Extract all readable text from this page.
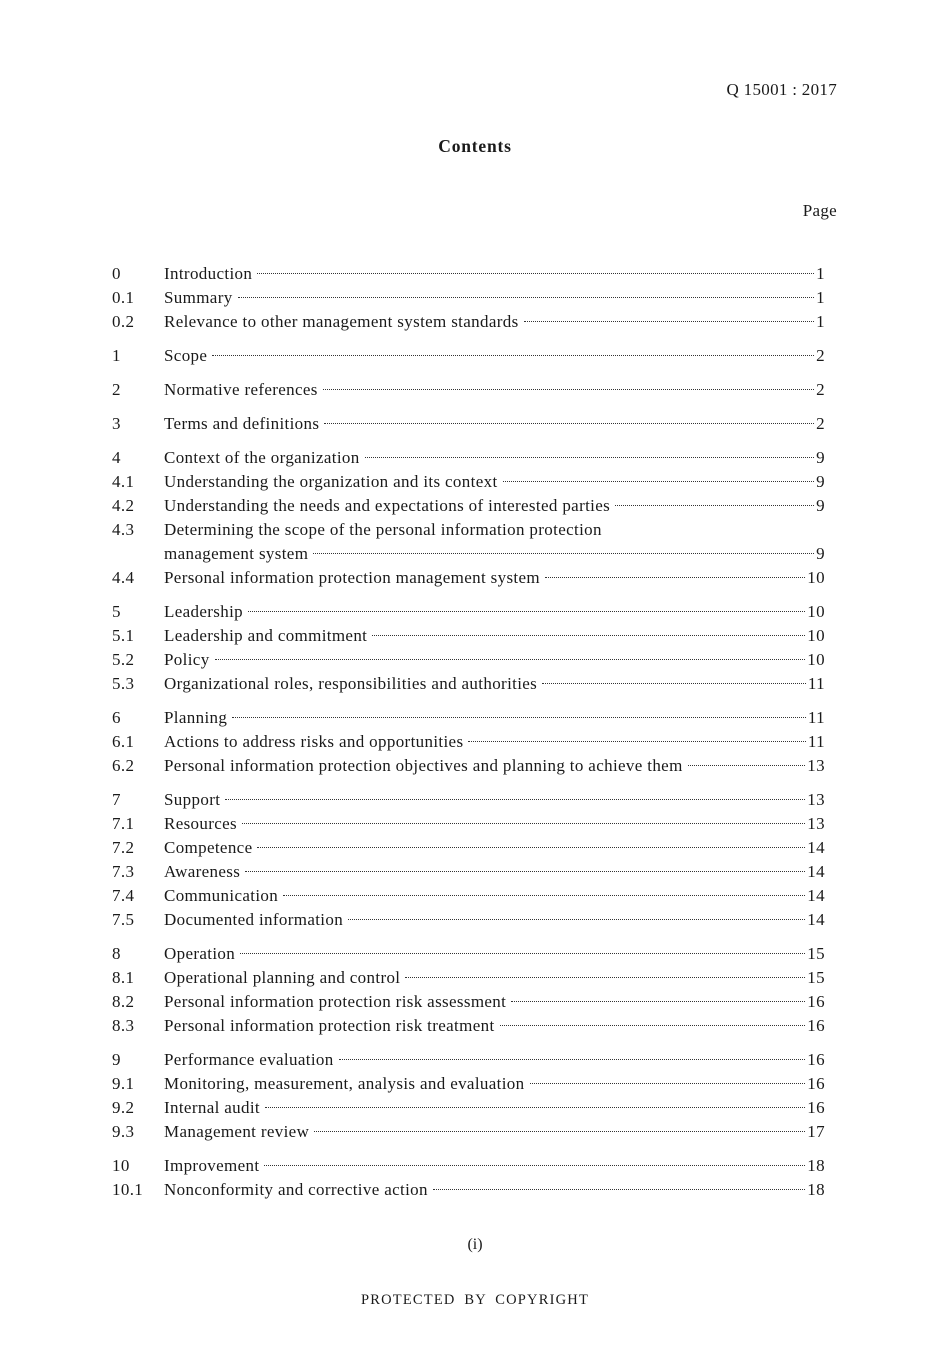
Q 15001 : 2017
Contents
Page
0	Introduction	1
0.1	Summary	1
0.2	Relevance to other management system standards	1
1	Scope	2
2	Normative references	2
3	Terms and definitions	2
4	Context of the organization	9
4.1	Understanding the organization and its context	9
4.2	Understanding the needs and expectations of interested parties	9
4.3	Determining the scope of the personal information protection
management system	9
4.4	Personal information protection management system	10
5	Leadership	10
5.1	Leadership and commitment	10
5.2	Policy	10
5.3	Organizational roles, responsibilities and authorities	11
6	Planning	11
6.1	Actions to address risks and opportunities	11
6.2	Personal information protection objectives and planning to achieve them	13
7	Support	13
7.1	Resources	13
7.2	Competence	14
7.3	Awareness	14
7.4	Communication	14
7.5	Documented information	14
8	Operation	15
8.1	Operational planning and control	15
8.2	Personal information protection risk assessment	16
8.3	Personal information protection risk treatment	16
9	Performance evaluation	16
9.1	Monitoring, measurement, analysis and evaluation	16
9.2	Internal audit	16
9.3	Management review	17
10	Improvement	18
10.1	Nonconformity and corrective action	18
(i)
PROTECTED BY COPYRIGHT
